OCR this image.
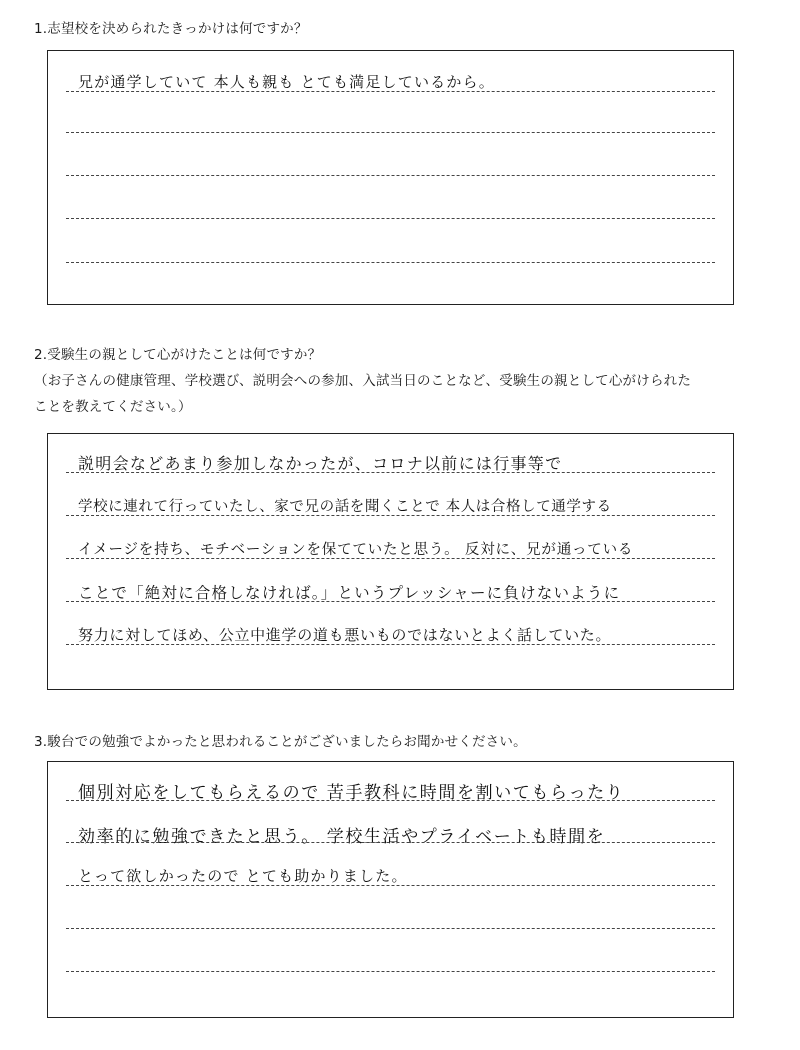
1.志望校を決められたきっかけは何ですか？
兄が通学していて 本人も親も とても満足しているから。
2.受験生の親として心がけたことは何ですか？
（お子さんの健康管理、学校選び、説明会への参加、入試当日のことなど、受験生の親として心がけられた
ことを教えてください。）
説明会などあまり参加しなかったが、コロナ以前には行事等で
学校に連れて行っていたし、家で兄の話を聞くことで 本人は合格して通学する
イメージを持ち、モチベーションを保てていたと思う。 反対に、兄が通っている
ことで「絶対に合格しなければ。」というプレッシャーに負けないように
努力に対してほめ、公立中進学の道も悪いものではないとよく話していた。
3.駿台での勉強でよかったと思われることがございましたらお聞かせください。
個別対応をしてもらえるので 苦手教科に時間を割いてもらったり
効率的に勉強できたと思う。 学校生活やプライベートも時間を
とって欲しかったので とても助かりました。
